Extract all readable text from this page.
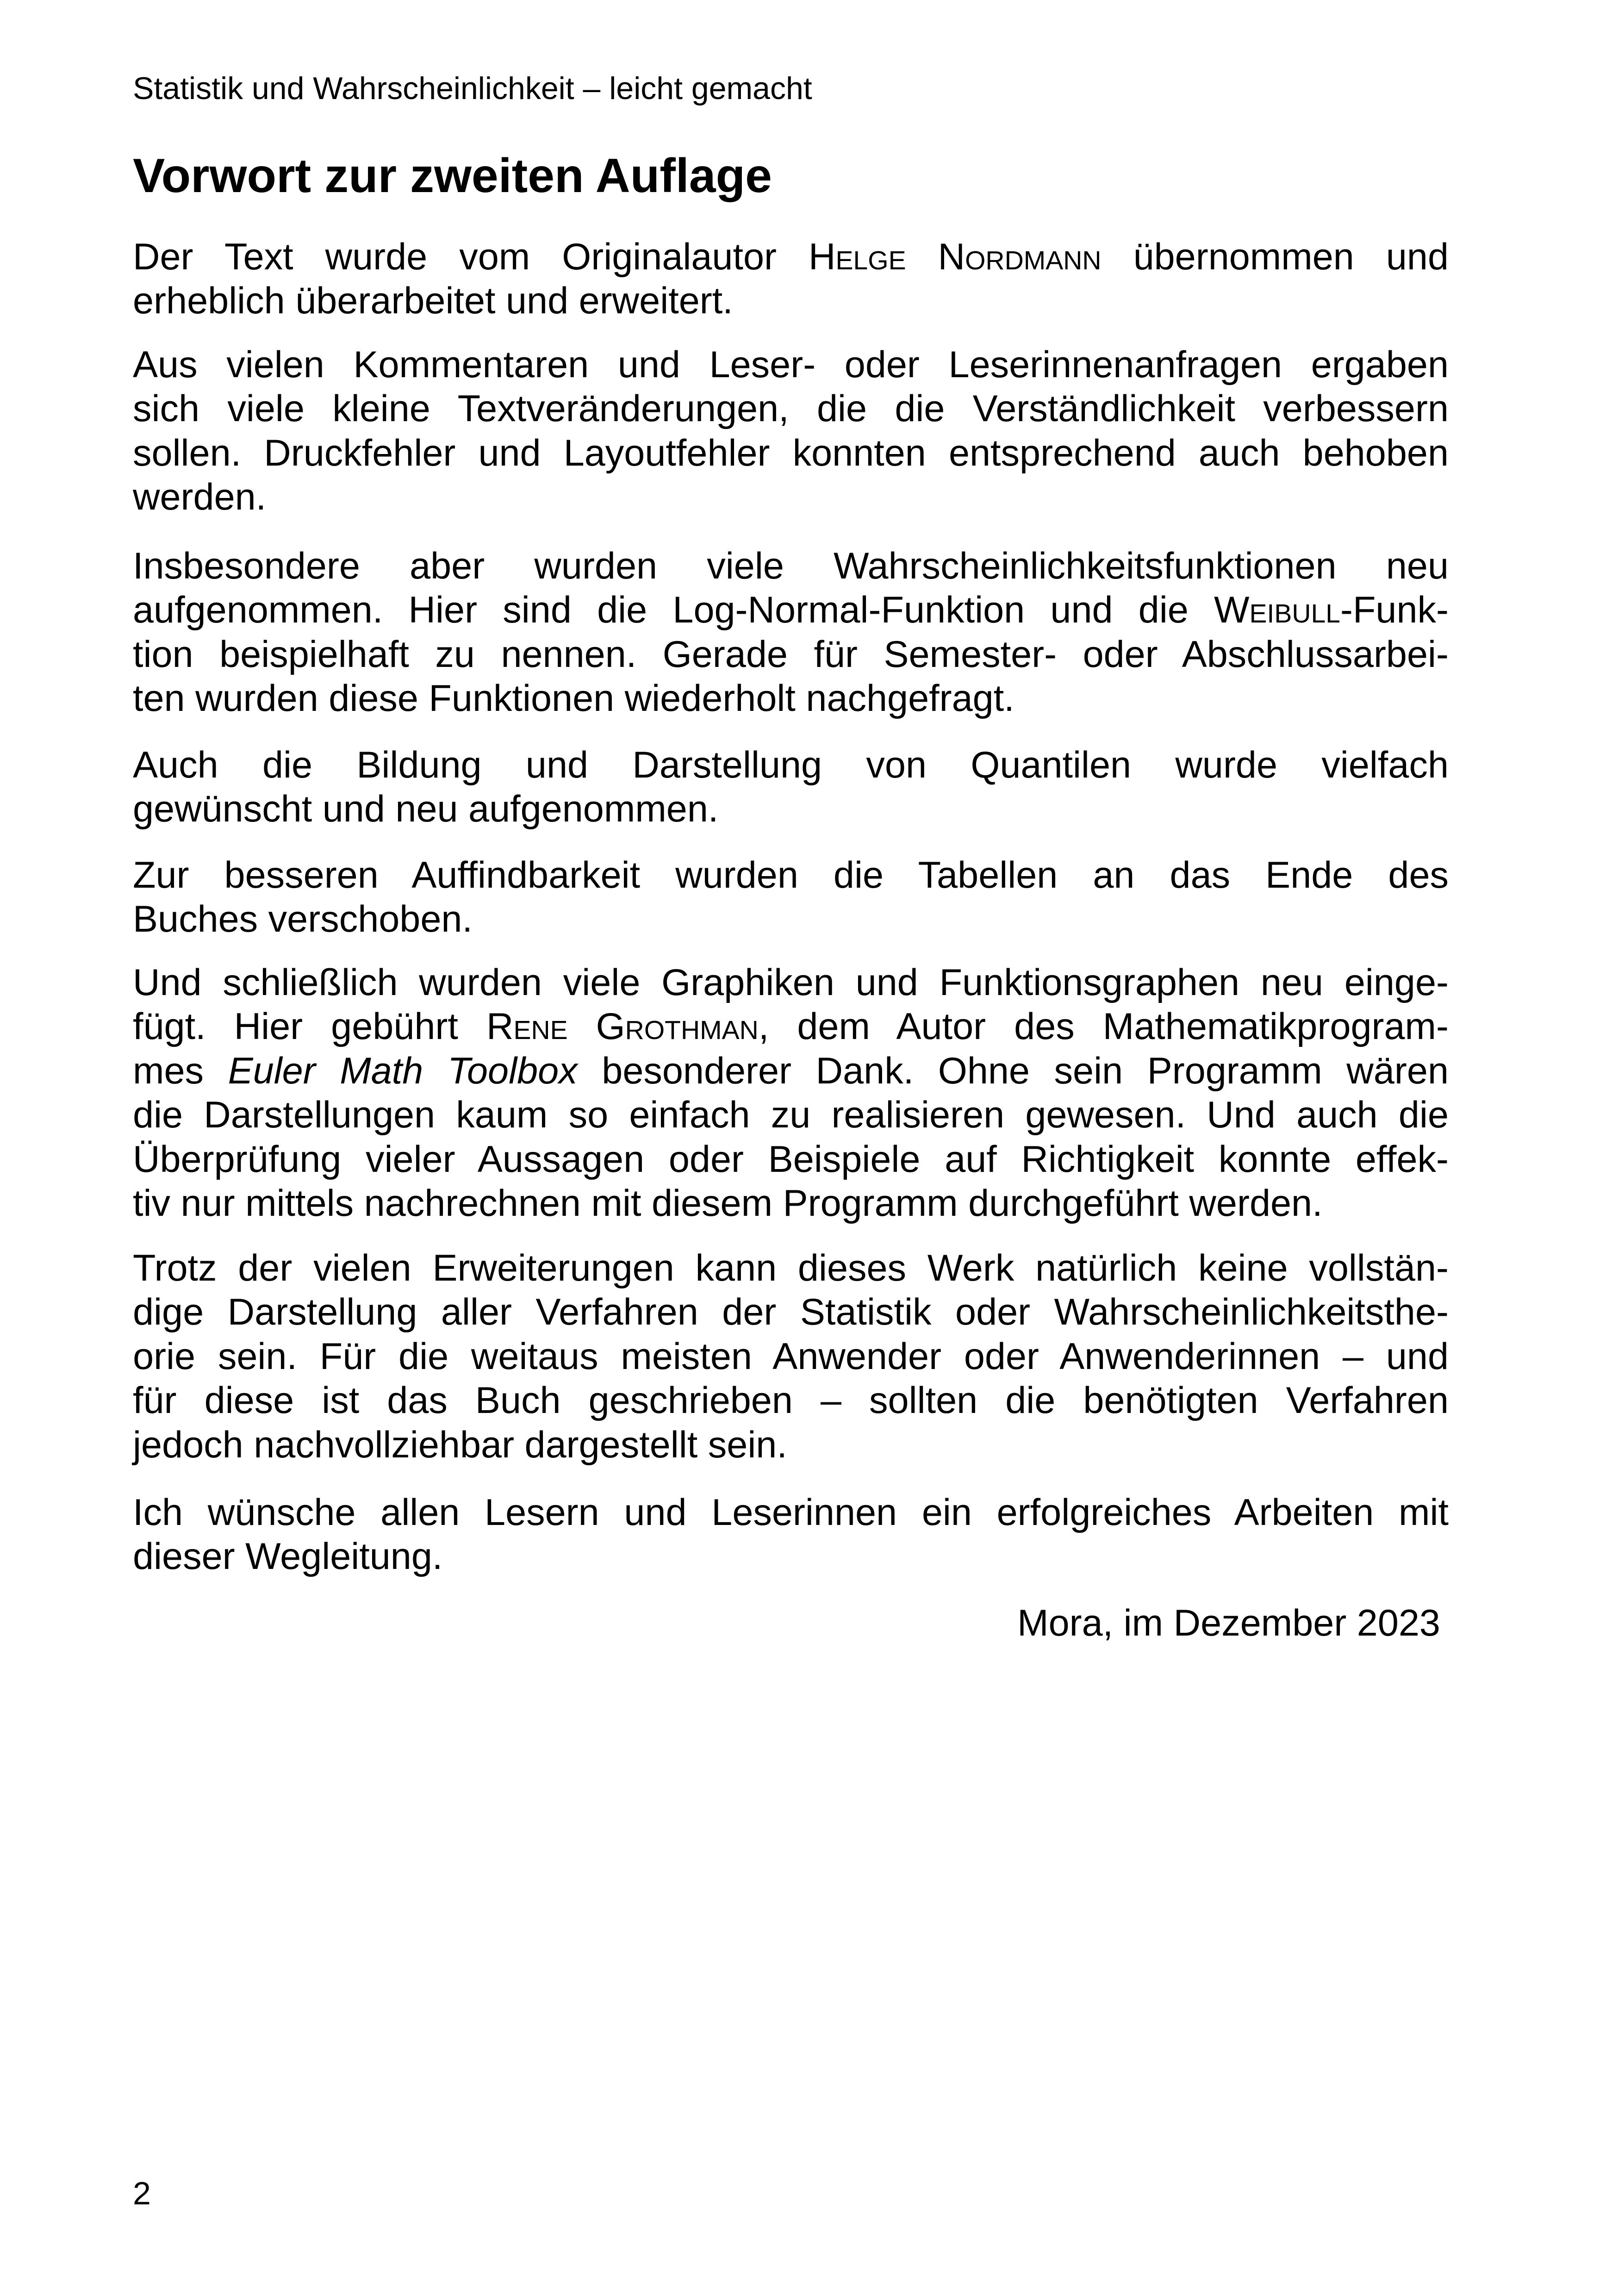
Statistik und Wahrscheinlichkeit – leicht gemacht
Vorwort zur zweiten Auflage
Der Text wurde vom Originalautor Helge Nordmann übernommen und
erheblich überarbeitet und erweitert.
Aus vielen Kommentaren und Leser- oder Leserinnenanfragen ergaben
sich viele kleine Textveränderungen, die die Verständlichkeit verbessern
sollen. Druckfehler und Layoutfehler konnten entsprechend auch behoben
werden.
Insbesondere aber wurden viele Wahrscheinlichkeitsfunktionen neu
aufgenommen. Hier sind die Log-Normal-Funktion und die Weibull-Funk-
tion beispielhaft zu nennen. Gerade für Semester- oder Abschlussarbei-
ten wurden diese Funktionen wiederholt nachgefragt.
Auch die Bildung und Darstellung von Quantilen wurde vielfach
gewünscht und neu aufgenommen.
Zur besseren Auffindbarkeit wurden die Tabellen an das Ende des
Buches verschoben.
Und schließlich wurden viele Graphiken und Funktionsgraphen neu einge-
fügt. Hier gebührt Rene Grothman, dem Autor des Mathematikprogram-
mes Euler Math Toolbox besonderer Dank. Ohne sein Programm wären
die Darstellungen kaum so einfach zu realisieren gewesen. Und auch die
Überprüfung vieler Aussagen oder Beispiele auf Richtigkeit konnte effek-
tiv nur mittels nachrechnen mit diesem Programm durchgeführt werden.
Trotz der vielen Erweiterungen kann dieses Werk natürlich keine vollstän-
dige Darstellung aller Verfahren der Statistik oder Wahrscheinlichkeitsthe-
orie sein. Für die weitaus meisten Anwender oder Anwenderinnen – und
für diese ist das Buch geschrieben – sollten die benötigten Verfahren
jedoch nachvollziehbar dargestellt sein.
Ich wünsche allen Lesern und Leserinnen ein erfolgreiches Arbeiten mit
dieser Wegleitung.
Mora, im Dezember 2023
2
